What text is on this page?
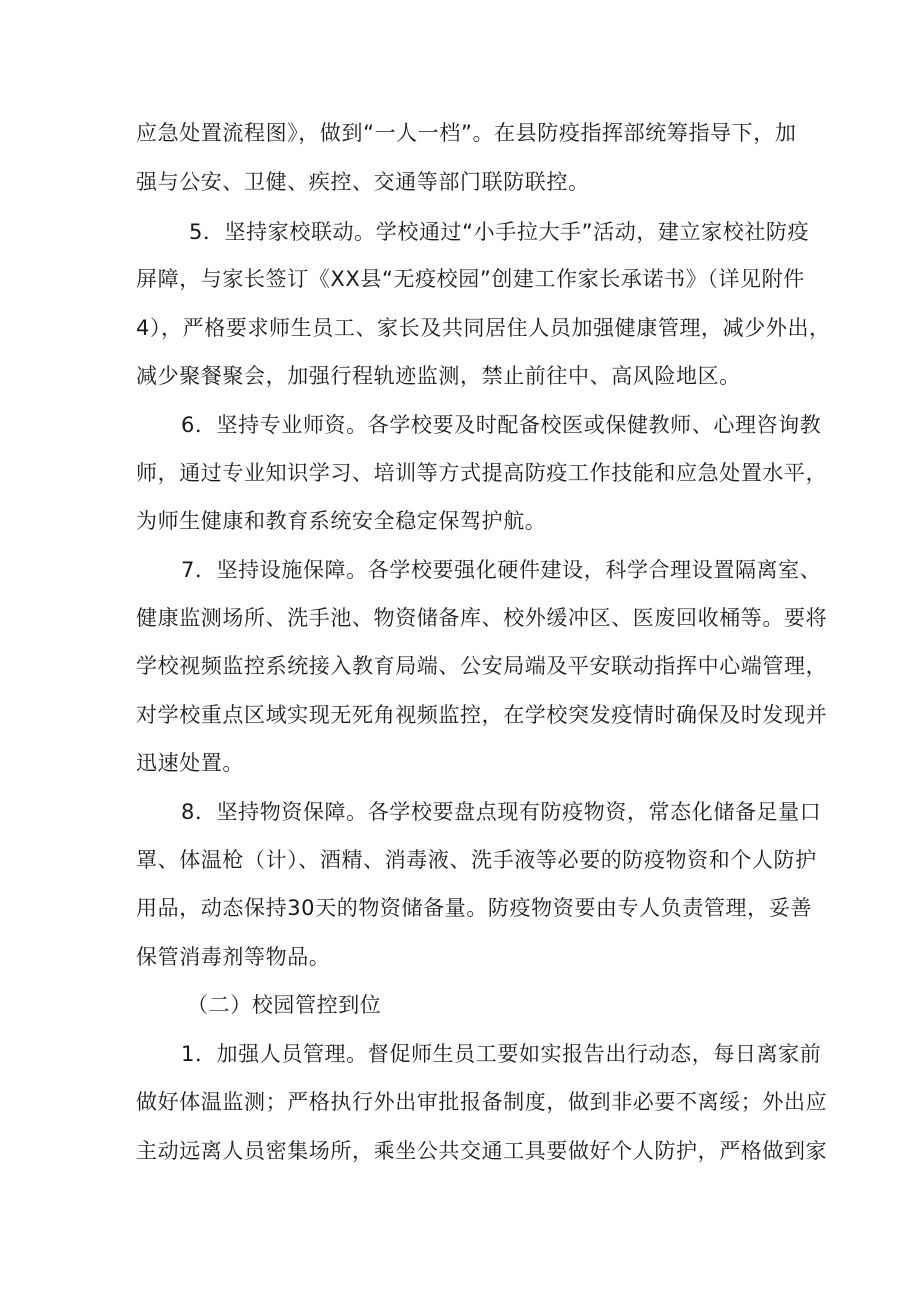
应急处置流程图》，做到“一人一档”。在县防疫指挥部统筹指导下，加
强与公安、卫健、疾控、交通等部门联防联控。
5．坚持家校联动。学校通过“小手拉大手”活动，建立家校社防疫
屏障，与家长签订《XX县“无疫校园”创建工作家长承诺书》（详见附件
4），严格要求师生员工、家长及共同居住人员加强健康管理，减少外出，
减少聚餐聚会，加强行程轨迹监测，禁止前往中、高风险地区。
6．坚持专业师资。各学校要及时配备校医或保健教师、心理咨询教
师，通过专业知识学习、培训等方式提高防疫工作技能和应急处置水平，
为师生健康和教育系统安全稳定保驾护航。
7．坚持设施保障。各学校要强化硬件建设，科学合理设置隔离室、
健康监测场所、洗手池、物资储备库、校外缓冲区、医废回收桶等。要将
学校视频监控系统接入教育局端、公安局端及平安联动指挥中心端管理，
对学校重点区域实现无死角视频监控，在学校突发疫情时确保及时发现并
迅速处置。
8．坚持物资保障。各学校要盘点现有防疫物资，常态化储备足量口
罩、体温枪（计）、酒精、消毒液、洗手液等必要的防疫物资和个人防护
用品，动态保持30天的物资储备量。防疫物资要由专人负责管理，妥善
保管消毒剂等物品。
（二）校园管控到位
1．加强人员管理。督促师生员工要如实报告出行动态，每日离家前
做好体温监测；严格执行外出审批报备制度，做到非必要不离绥；外出应
主动远离人员密集场所，乘坐公共交通工具要做好个人防护，严格做到家
